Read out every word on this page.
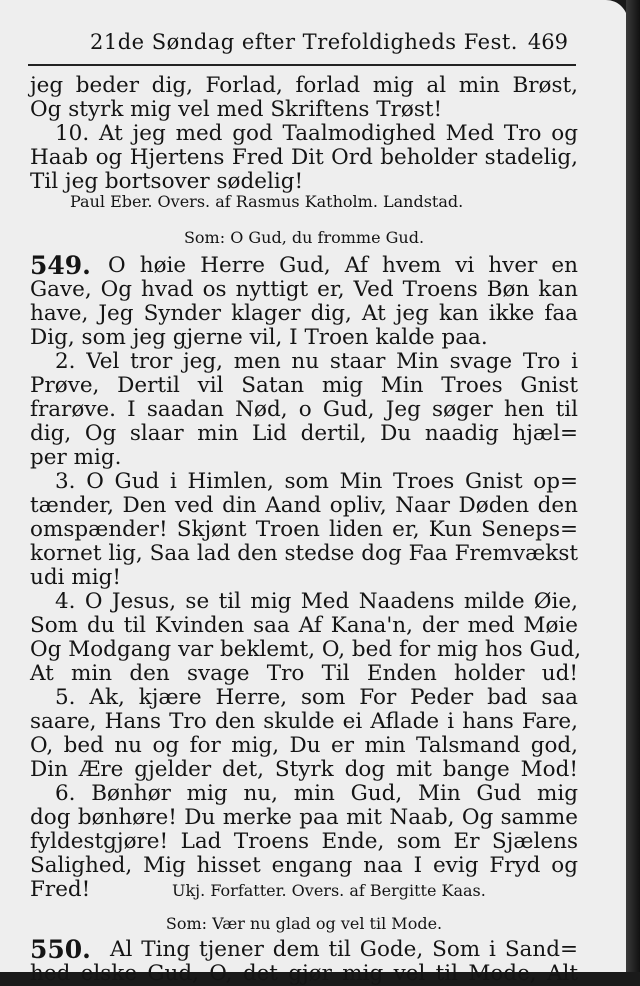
21de Søndag efter Trefoldigheds Fest. 469
jeg beder dig, Forlad, forlad mig al min Brøst,
Og styrk mig vel med Skriftens Trøst!
10. At jeg med god Taalmodighed Med Tro og
Haab og Hjertens Fred Dit Ord beholder stadelig,
Til jeg bortsover sødelig!
Paul Eber. Overs. af Rasmus Katholm. Landstad.
Som: O Gud, du fromme Gud.
549. O høie Herre Gud, Af hvem vi hver en
Gave, Og hvad os nyttigt er, Ved Troens Bøn kan
have, Jeg Synder klager dig, At jeg kan ikke faa
Dig, som jeg gjerne vil, I Troen kalde paa.
2. Vel tror jeg, men nu staar Min svage Tro i
Prøve, Dertil vil Satan mig Min Troes Gnist
frarøve. I saadan Nød, o Gud, Jeg søger hen til
dig, Og slaar min Lid dertil, Du naadig hjæl=
per mig.
3. O Gud i Himlen, som Min Troes Gnist op=
tænder, Den ved din Aand opliv, Naar Døden den
omspænder! Skjønt Troen liden er, Kun Seneps=
kornet lig, Saa lad den stedse dog Faa Fremvækst
udi mig!
4. O Jesus, se til mig Med Naadens milde Øie,
Som du til Kvinden saa Af Kana'n, der med Møie
Og Modgang var beklemt, O, bed for mig hos Gud,
At min den svage Tro Til Enden holder ud!
5. Ak, kjære Herre, som For Peder bad saa
saare, Hans Tro den skulde ei Aflade i hans Fare,
O, bed nu og for mig, Du er min Talsmand god,
Din Ære gjelder det, Styrk dog mit bange Mod!
6. Bønhør mig nu, min Gud, Min Gud mig
dog bønhøre! Du merke paa mit Naab, Og samme
fyldestgjøre! Lad Troens Ende, som Er Sjælens
Salighed, Mig hisset engang naa I evig Fryd og
Fred!	Ukj. Forfatter. Overs. af Bergitte Kaas.
Som: Vær nu glad og vel til Mode.
550. Al Ting tjener dem til Gode, Som i Sand=
hed elske Gud, O, det gjør mig vel til Mode, Alt
